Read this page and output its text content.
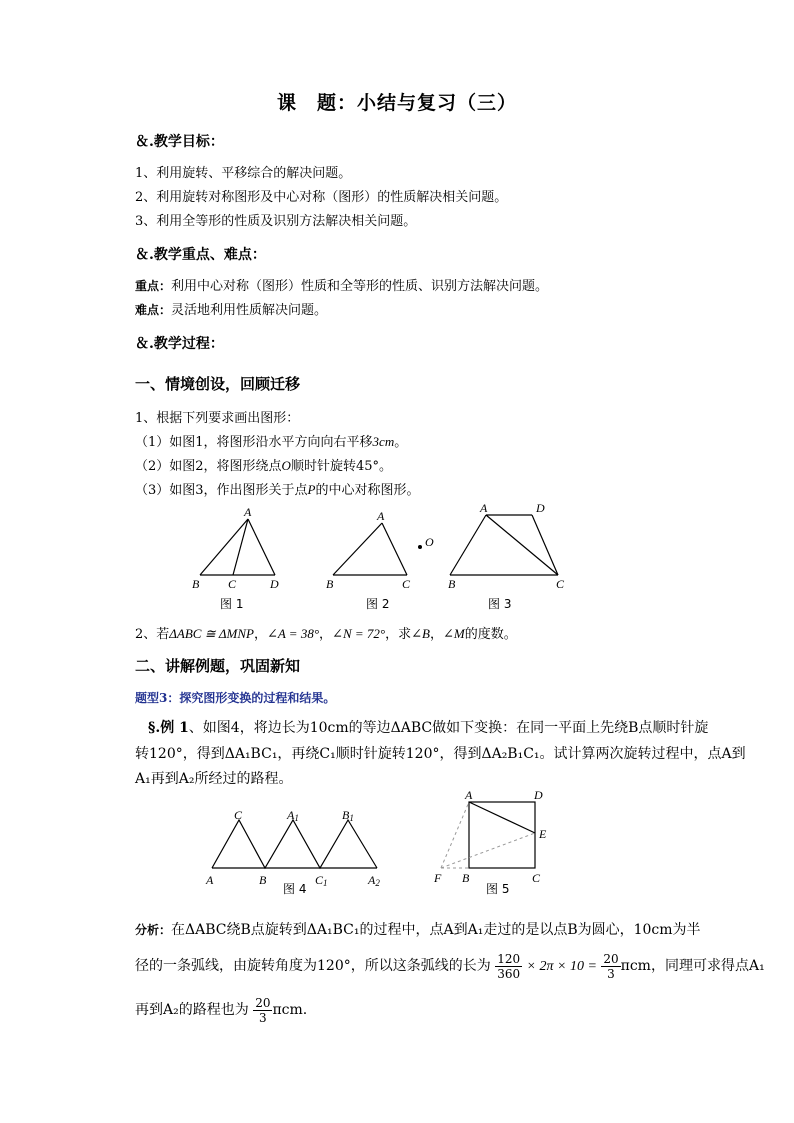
课　题：小结与复习（三）
＆.教学目标：
1、利用旋转、平移综合的解决问题。
2、利用旋转对称图形及中心对称（图形）的性质解决相关问题。
3、利用全等形的性质及识别方法解决相关问题。
＆.教学重点、难点：
重点：利用中心对称（图形）性质和全等形的性质、识别方法解决问题。
难点：灵活地利用性质解决问题。
＆.教学过程：
一、情境创设，回顾迁移
1、根据下列要求画出图形：
（1）如图1，将图形沿水平方向向右平移3cm。
（2）如图2，将图形绕点O顺时针旋转45°。
（3）如图3，作出图形关于点P的中心对称图形。
A
B C	D
图 1
A
B	C
O
图 2
A	D
B	C
图 3
2、若ΔABC ≅ ΔMNP，∠A = 38°，∠N = 72°，求∠B，∠M的度数。
二、讲解例题，巩固新知
题型3：探究图形变换的过程和结果。
§.例 1、如图4，将边长为10cm的等边ΔABC做如下变换：在同一平面上先绕B点顺时针旋
转120°，得到ΔA₁BC₁，再绕C₁顺时针旋转120°，得到ΔA₂B₁C₁。试计算两次旋转过程中，点A到
A₁再到A₂所经过的路程。
C	A1	B1
A	B	C1	A2
图 4
A	D
E
F B	C
图 5
分析：在ΔABC绕B点旋转到ΔA₁BC₁的过程中，点A到A₁走过的是以点B为圆心，10cm为半
径的一条弧线，由旋转角度为120°，所以这条弧线的长为 $\frac{120}{360} \times 2\pi \times 10 = \frac{20}{3}$ πcm，同理可求得点A₁
再到A₂的路程也为 $\frac{20}{3} \pi cm$.
